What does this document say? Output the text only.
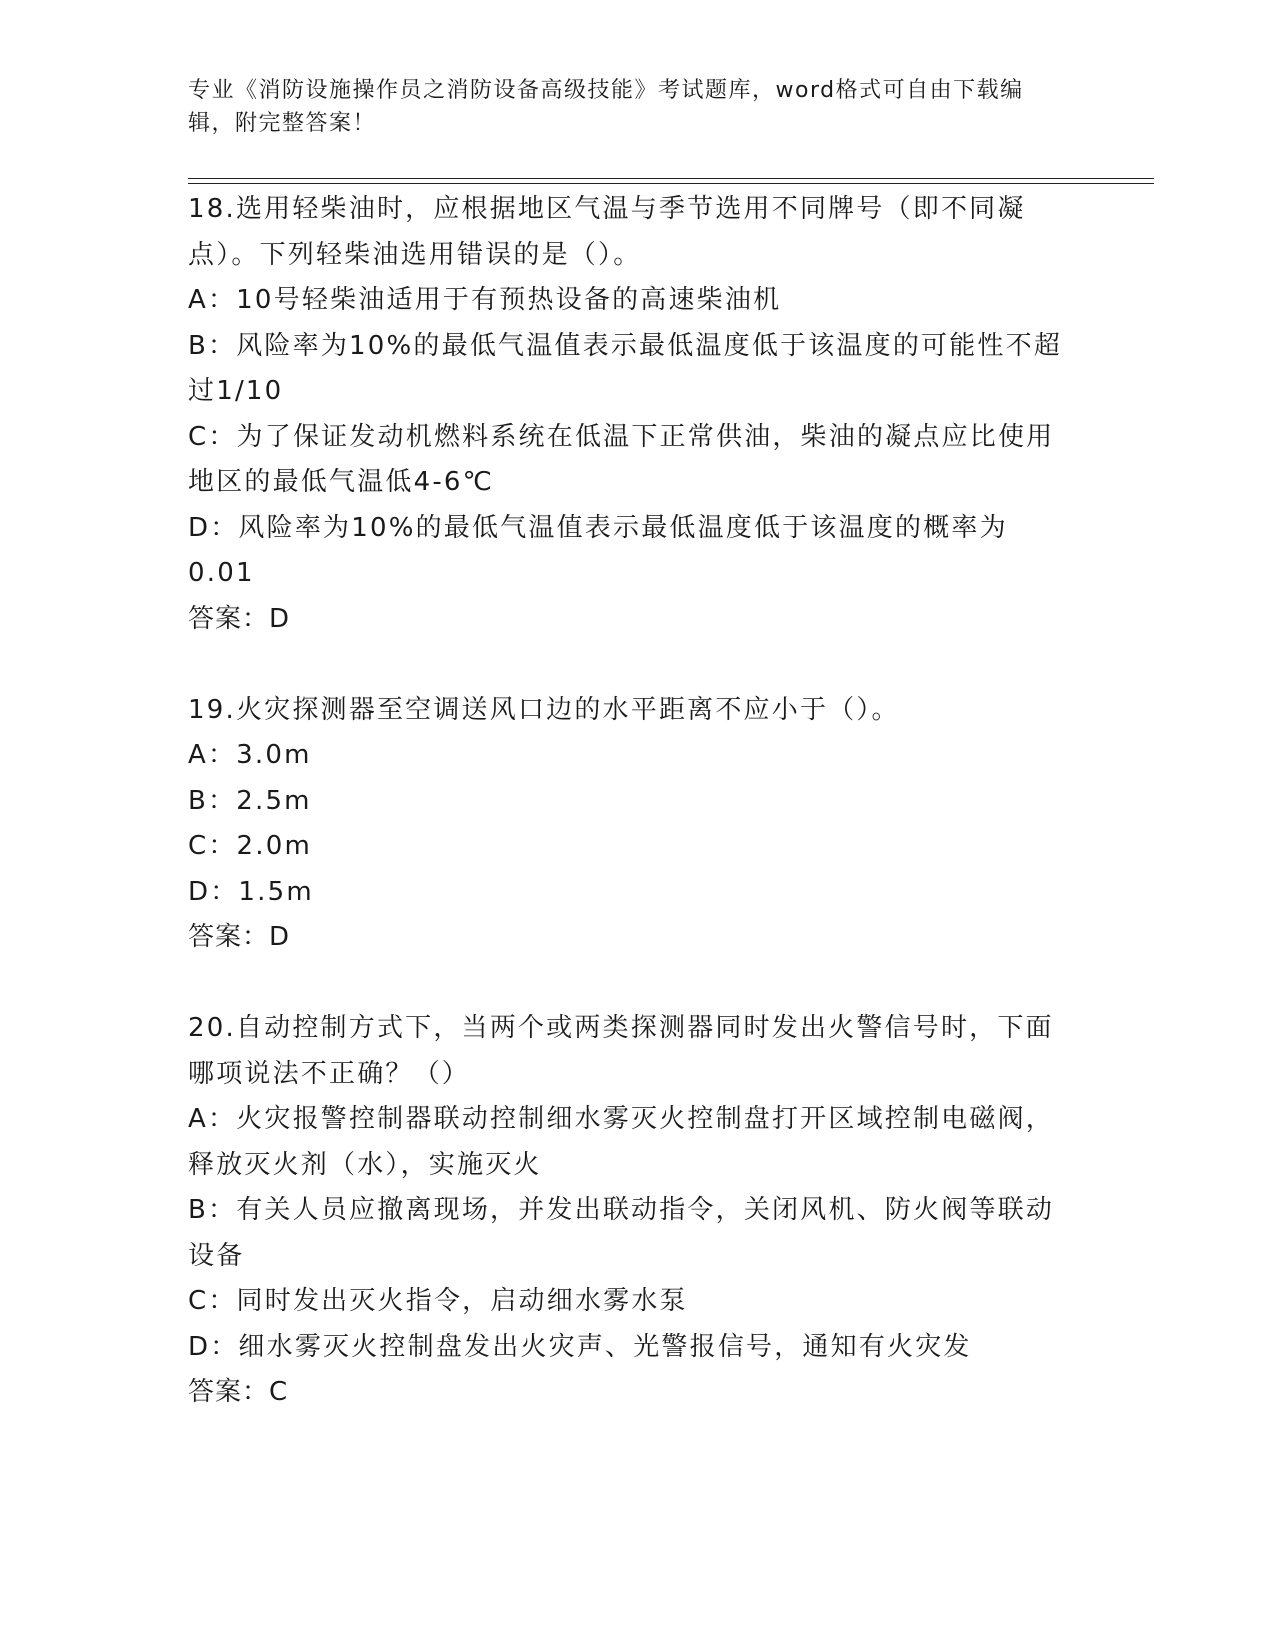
专业《消防设施操作员之消防设备高级技能》考试题库，word格式可自由下载编辑，附完整答案！

18.选用轻柴油时，应根据地区气温与季节选用不同牌号（即不同凝点）。下列轻柴油选用错误的是（）。

A：10号轻柴油适用于有预热设备的高速柴油机

B：风险率为10%的最低气温值表示最低温度低于该温度的可能性不超过1/10

C：为了保证发动机燃料系统在低温下正常供油，柴油的凝点应比使用地区的最低气温低4-6℃

D：风险率为10%的最低气温值表示最低温度低于该温度的概率为0.01

答案：D

19.火灾探测器至空调送风口边的水平距离不应小于（）。

A：3.0m

B：2.5m

C：2.0m

D：1.5m

答案：D

20.自动控制方式下，当两个或两类探测器同时发出火警信号时，下面哪项说法不正确？（）

A：火灾报警控制器联动控制细水雾灭火控制盘打开区域控制电磁阀，释放灭火剂（水），实施灭火

B：有关人员应撤离现场，并发出联动指令，关闭风机、防火阀等联动设备

C：同时发出灭火指令，启动细水雾水泵

D：细水雾灭火控制盘发出火灾声、光警报信号，通知有火灾发

答案：C
